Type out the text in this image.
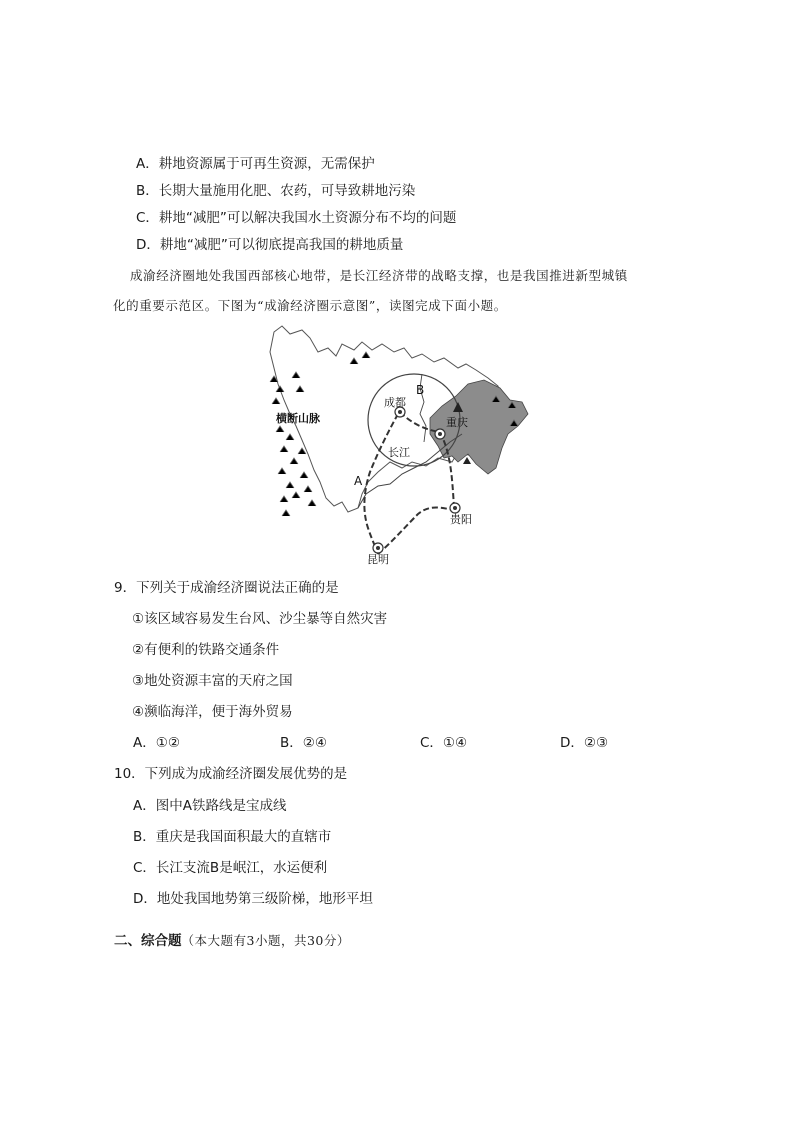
A．耕地资源属于可再生资源，无需保护
B．长期大量施用化肥、农药，可导致耕地污染
C．耕地“减肥”可以解决我国水土资源分布不均的问题
D．耕地“减肥”可以彻底提高我国的耕地质量
成渝经济圈地处我国西部核心地带，是长江经济带的战略支撑，也是我国推进新型城镇
化的重要示范区。下图为“成渝经济圈示意图”，读图完成下面小题。
横断山脉
成都
重庆
长江
贵阳
昆明
A
B
9．下列关于成渝经济圈说法正确的是
①该区域容易发生台风、沙尘暴等自然灾害
②有便利的铁路交通条件
③地处资源丰富的天府之国
④濒临海洋，便于海外贸易
A．①②	B．②④	C．①④	D．②③
10．下列成为成渝经济圈发展优势的是
A．图中A铁路线是宝成线
B．重庆是我国面积最大的直辖市
C．长江支流B是岷江，水运便利
D．地处我国地势第三级阶梯，地形平坦
二、综合题（本大题有3小题，共30分）
